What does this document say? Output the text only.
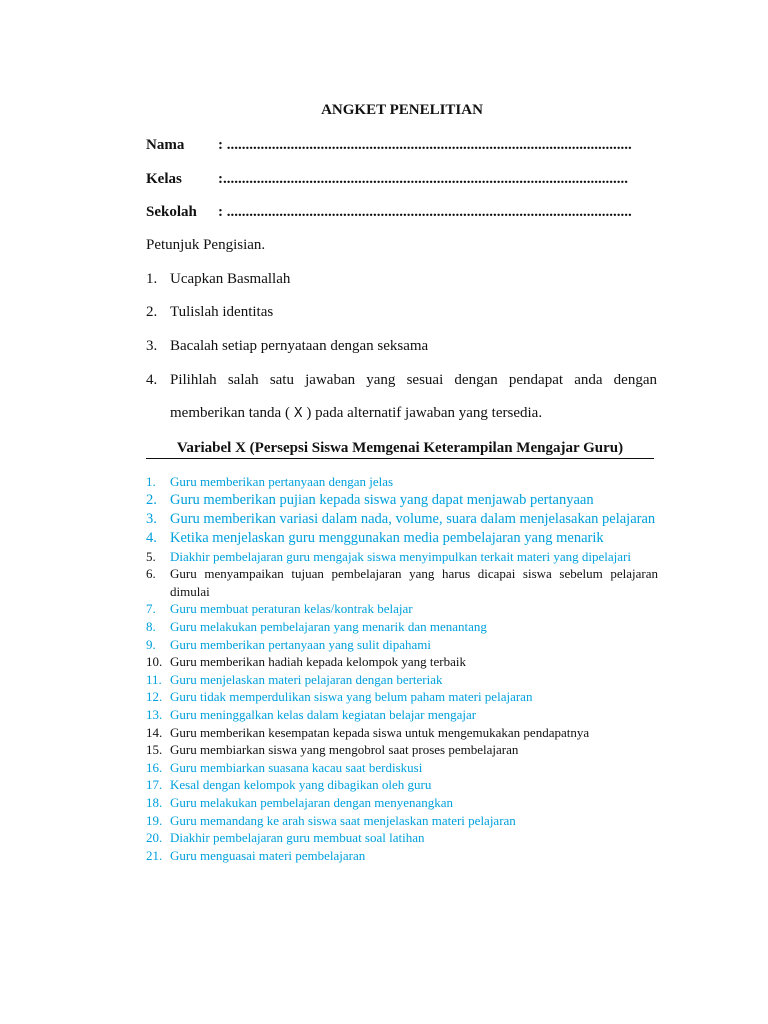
ANGKET PENELITIAN
Nama : ............................................................................................................
Kelas :............................................................................................................
Sekolah : ............................................................................................................
Petunjuk Pengisian.
1. Ucapkan Basmallah
2. Tulislah identitas
3. Bacalah setiap pernyataan dengan seksama
4. Pilihlah salah satu jawaban yang sesuai dengan pendapat anda dengan
memberikan tanda ( X ) pada alternatif jawaban yang tersedia.
Variabel X (Persepsi Siswa Memgenai Keterampilan Mengajar Guru)
1.	Guru memberikan pertanyaan dengan jelas
2. Guru memberikan pujian kepada siswa yang dapat menjawab pertanyaan
3. Guru memberikan variasi dalam nada, volume, suara dalam menjelasakan pelajaran
4. Ketika menjelaskan guru menggunakan media pembelajaran yang menarik
5.	Diakhir pembelajaran guru mengajak siswa menyimpulkan terkait materi yang dipelajari
6.	Guru menyampaikan tujuan pembelajaran yang harus dicapai siswa sebelum pelajaran dimulai
7.	Guru membuat peraturan kelas/kontrak belajar
8.	Guru melakukan pembelajaran yang menarik dan menantang
9.	Guru memberikan pertanyaan yang sulit dipahami
10. Guru memberikan hadiah kepada kelompok yang terbaik
11. Guru menjelaskan materi pelajaran dengan berteriak
12. Guru tidak memperdulikan siswa yang belum paham materi pelajaran
13. Guru meninggalkan kelas dalam kegiatan belajar mengajar
14. Guru memberikan kesempatan kepada siswa untuk mengemukakan pendapatnya
15. Guru membiarkan siswa yang mengobrol saat proses pembelajaran
16. Guru membiarkan suasana kacau saat berdiskusi
17. Kesal dengan kelompok yang dibagikan oleh guru
18. Guru melakukan pembelajaran dengan menyenangkan
19. Guru memandang ke arah siswa saat menjelaskan materi pelajaran
20. Diakhir pembelajaran guru membuat soal latihan
21. Guru menguasai materi pembelajaran
